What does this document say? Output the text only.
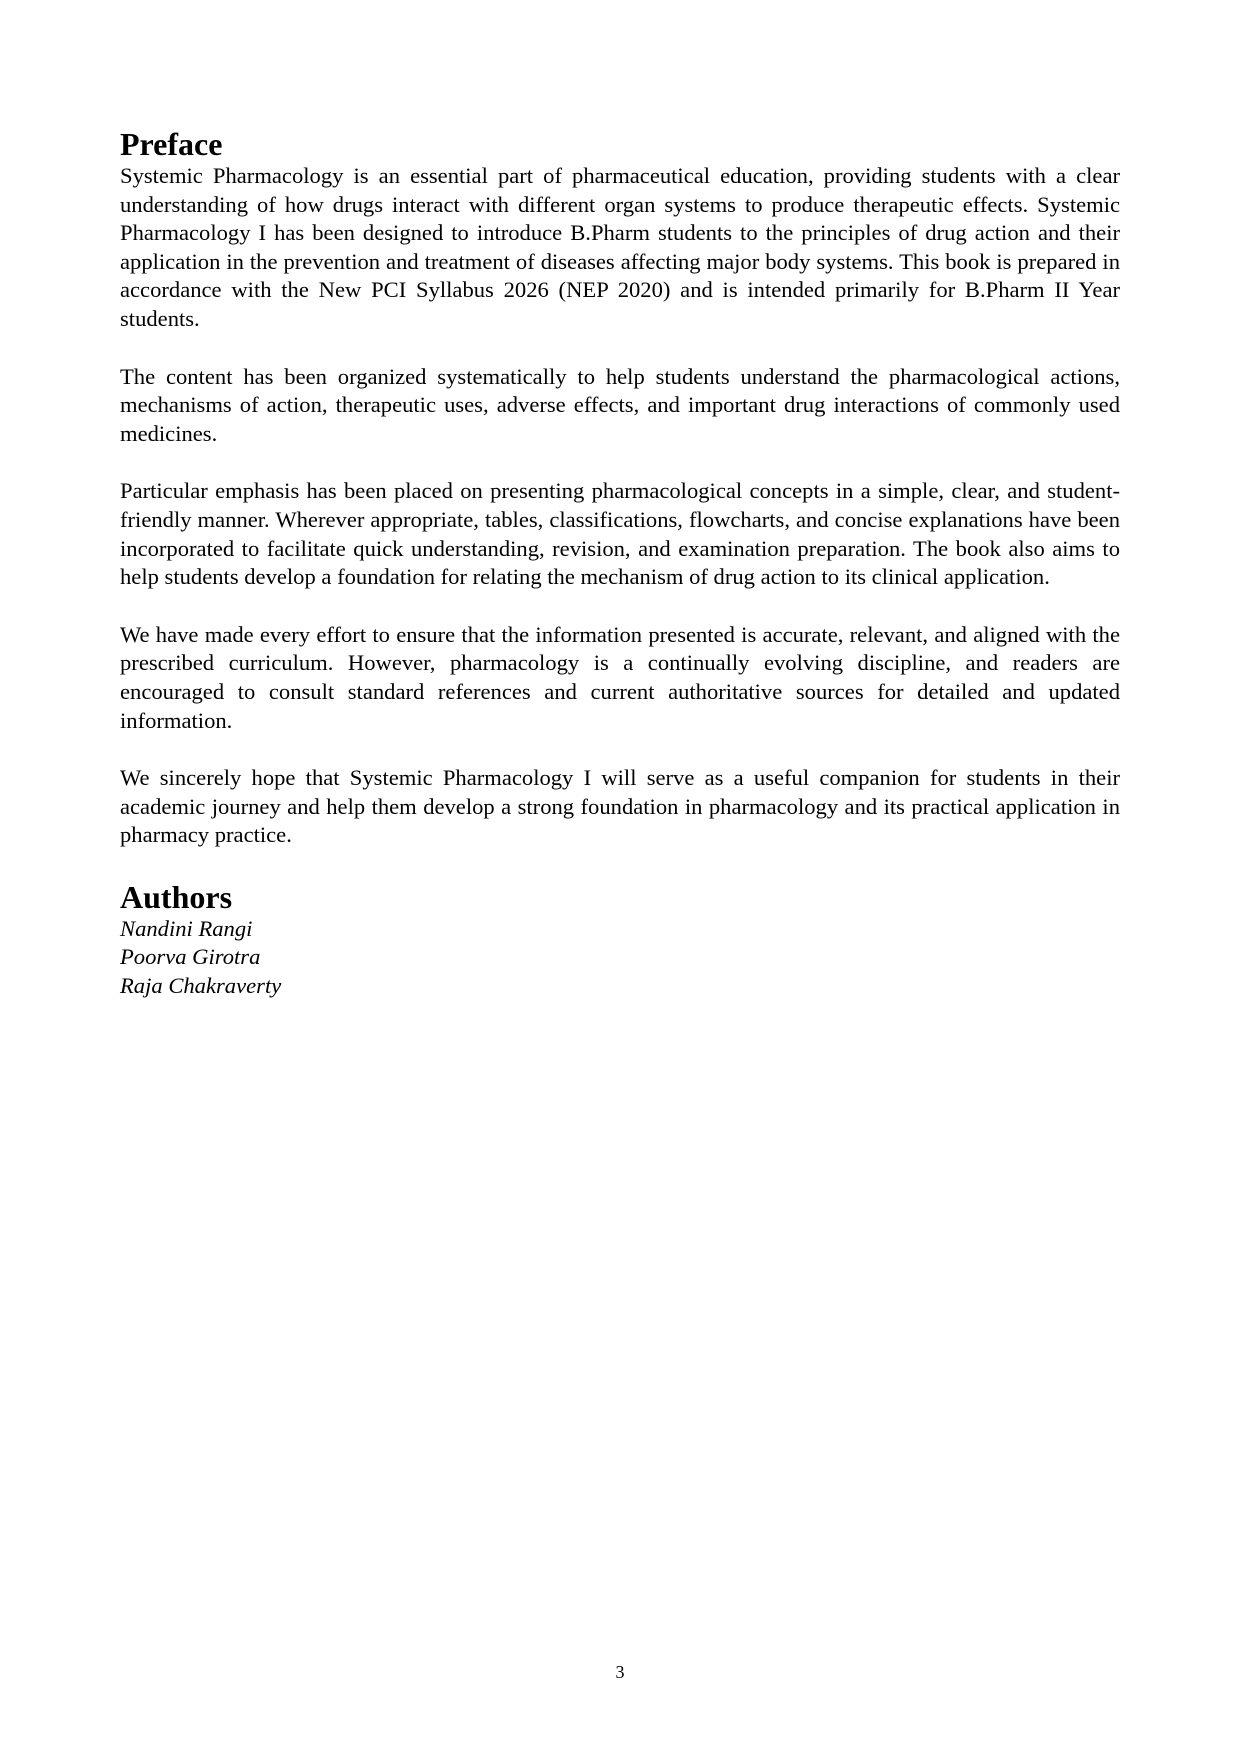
Preface

Systemic Pharmacology is an essential part of pharmaceutical education, providing students with a clear understanding of how drugs interact with different organ systems to produce therapeutic effects. Systemic Pharmacology I has been designed to introduce B.Pharm students to the principles of drug action and their application in the prevention and treatment of diseases affecting major body systems. This book is prepared in accordance with the New PCI Syllabus 2026 (NEP 2020) and is intended primarily for B.Pharm II Year students.

The content has been organized systematically to help students understand the pharmacological actions, mechanisms of action, therapeutic uses, adverse effects, and important drug interactions of commonly used medicines.

Particular emphasis has been placed on presenting pharmacological concepts in a simple, clear, and student-friendly manner. Wherever appropriate, tables, classifications, flowcharts, and concise explanations have been incorporated to facilitate quick understanding, revision, and examination preparation. The book also aims to help students develop a foundation for relating the mechanism of drug action to its clinical application.

We have made every effort to ensure that the information presented is accurate, relevant, and aligned with the prescribed curriculum. However, pharmacology is a continually evolving discipline, and readers are encouraged to consult standard references and current authoritative sources for detailed and updated information.

We sincerely hope that Systemic Pharmacology I will serve as a useful companion for students in their academic journey and help them develop a strong foundation in pharmacology and its practical application in pharmacy practice.

Authors
Nandini Rangi
Poorva Girotra
Raja Chakraverty
3
